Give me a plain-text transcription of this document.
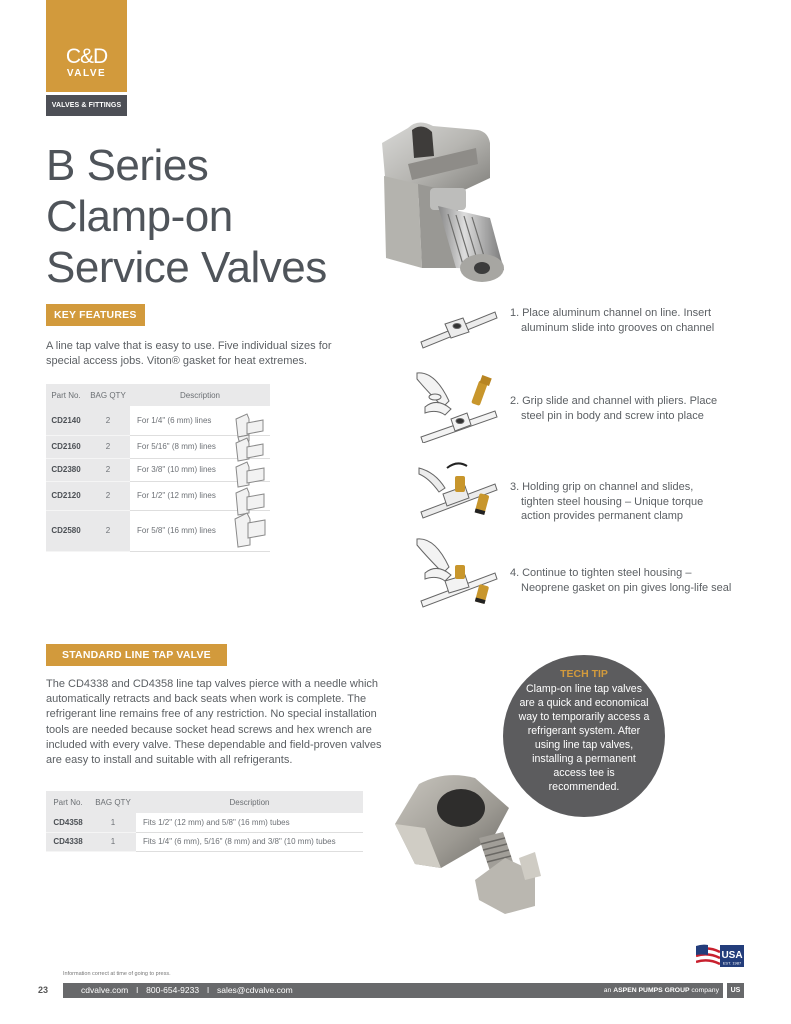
C&D
VALVE
VALVES & FITTINGS
B Series
Clamp-on
Service Valves
KEY FEATURES

A line tap valve that is easy to use. Five individual sizes for special access jobs. Viton® gasket for heat extremes.

Part No.	BAG QTY	Description
CD2140	2	For 1/4" (6 mm) lines
CD2160	2	For 5/16" (8 mm) lines
CD2380	2	For 3/8" (10 mm) lines
CD2120	2	For 1/2" (12 mm) lines
CD2580	2	For 5/8" (16 mm) lines
1. Place aluminum channel on line. Insert
aluminum slide into grooves on channel
2. Grip slide and channel with pliers. Place
steel pin in body and screw into place
3. Holding grip on channel and slides,
tighten steel housing – Unique torque
action provides permanent clamp
4. Continue to tighten steel housing –
Neoprene gasket on pin gives long-life seal
STANDARD LINE TAP VALVE

The CD4338 and CD4358 line tap valves pierce with a needle which automatically retracts and back seats when work is complete. The refrigerant line remains free of any restriction. No special installation tools are needed because socket head screws and hex wrench are included with every valve. These dependable and field-proven valves are easy to install and suitable with all refrigerants.

Part No.	BAG QTY	Description
CD4358	1	Fits 1/2" (12 mm) and 5/8" (16 mm) tubes
CD4338	1	Fits 1/4" (6 mm), 5/16" (8 mm) and 3/8" (10 mm) tubes
TECH TIP
Clamp-on line tap valves are a quick and economical way to temporarily access a refrigerant system. After using line tap valves, installing a permanent access tee is recommended.
USA
EST. 1987
Information correct at time of going to press.
23	cdvalve.com l 800-654-9233 l sales@cdvalve.com	an ASPEN PUMPS GROUP company	US
